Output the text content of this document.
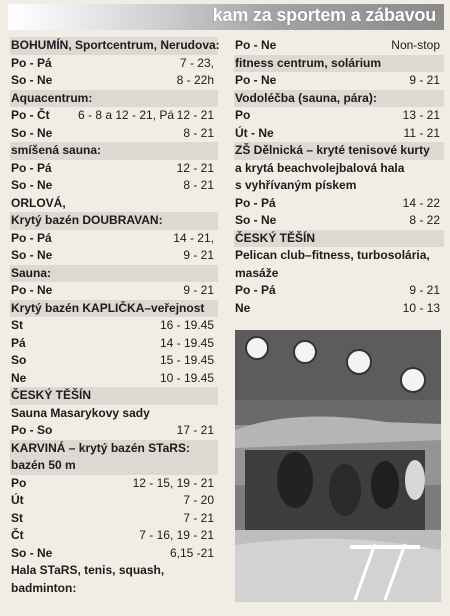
kam za sportem a zábavou
BOHUMÍN, Sportcentrum, Nerudova:
Po - Pá	7 - 23,
So - Ne	8 - 22h
Aquacentrum:
Po - Čt 6 - 8 a 12 - 21, Pá 12 - 21
So - Ne	8 - 21
smíšená sauna:
Po - Pá	12 - 21
So - Ne	8 - 21
ORLOVÁ,
Krytý bazén DOUBRAVAN:
Po - Pá	14 - 21,
So - Ne	9 - 21
Sauna:
Po - Ne	9 - 21
Krytý bazén KAPLIČKA–veřejnost
St	16 - 19.45
Pá	14 - 19.45
So	15 - 19.45
Ne	10 - 19.45
ČESKÝ TĚŠÍN
Sauna Masarykovy sady
Po - So	17 - 21
KARVINÁ – krytý bazén STaRS:
bazén 50 m
Po	12 - 15, 19 - 21
Út	7 - 20
St	7 - 21
Čt	7 - 16, 19 - 21
So - Ne	6,15 -21
Hala STaRS, tenis, squash,
badminton:
Po - Ne	Non-stop
fitness centrum, solárium
Po - Ne	9 - 21
Vodoléčba (sauna, pára):
Po	13 - 21
Út - Ne	11 - 21
ZŠ Dělnická – kryté tenisové kurty
a krytá beachvolejbalová hala
s vyhřívaným pískem
Po - Pá	14 - 22
So - Ne	8 - 22
ČESKÝ TĚŠÍN
Pelican club–fitness, turbosolária,
masáže
Po - Pá	9 - 21
Ne	10 - 13
